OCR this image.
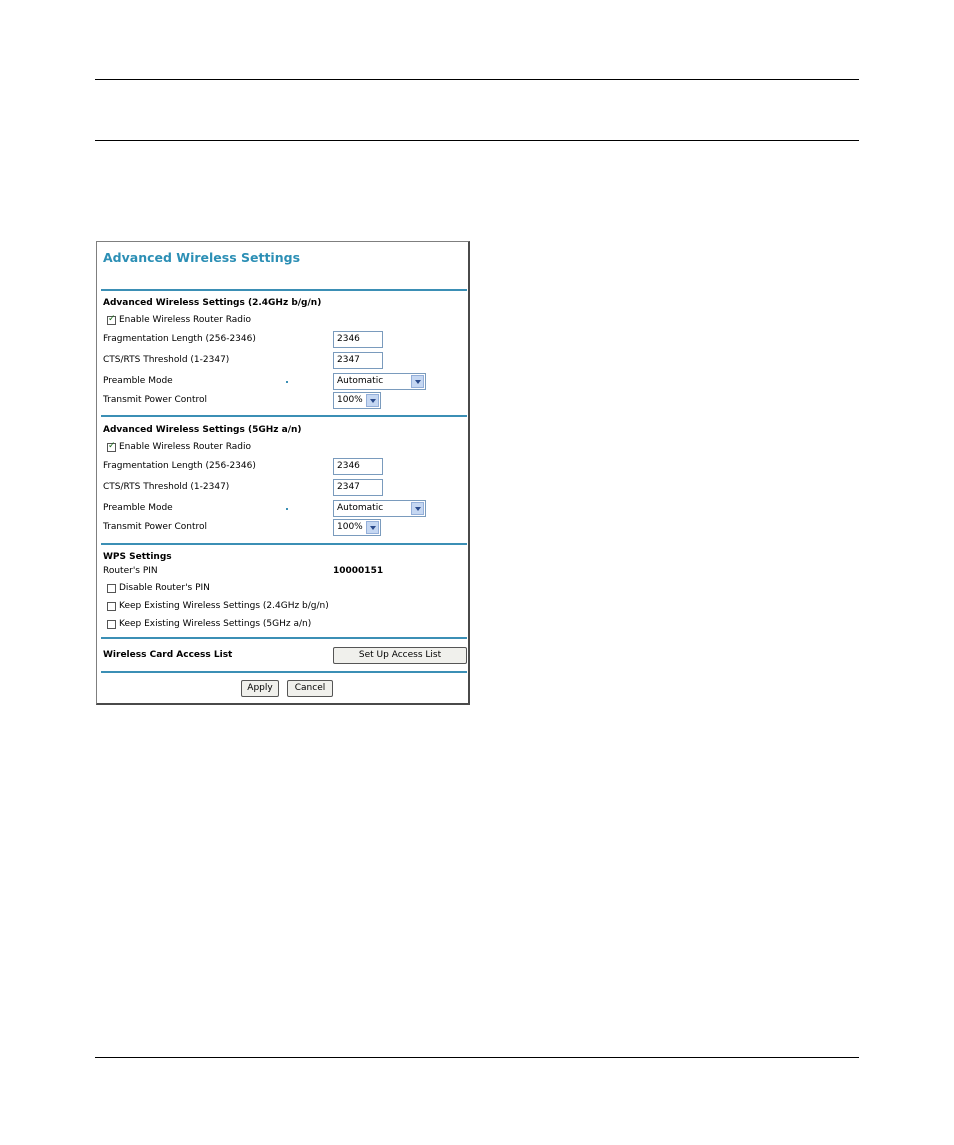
Advanced Wireless Settings
Advanced Wireless Settings (2.4GHz b/g/n)
✓
Enable Wireless Router Radio
Fragmentation Length (256-2346)	2346
CTS/RTS Threshold (1-2347)	2347
Preamble Mode	Automatic
Transmit Power Control	100%
Advanced Wireless Settings (5GHz a/n)
✓
Enable Wireless Router Radio
Fragmentation Length (256-2346)	2346
CTS/RTS Threshold (1-2347)	2347
Preamble Mode	Automatic
Transmit Power Control	100%
WPS Settings
Router's PIN	10000151
Disable Router's PIN
Keep Existing Wireless Settings (2.4GHz b/g/n)
Keep Existing Wireless Settings (5GHz a/n)
Wireless Card Access List	Set Up Access List
Apply	Cancel
